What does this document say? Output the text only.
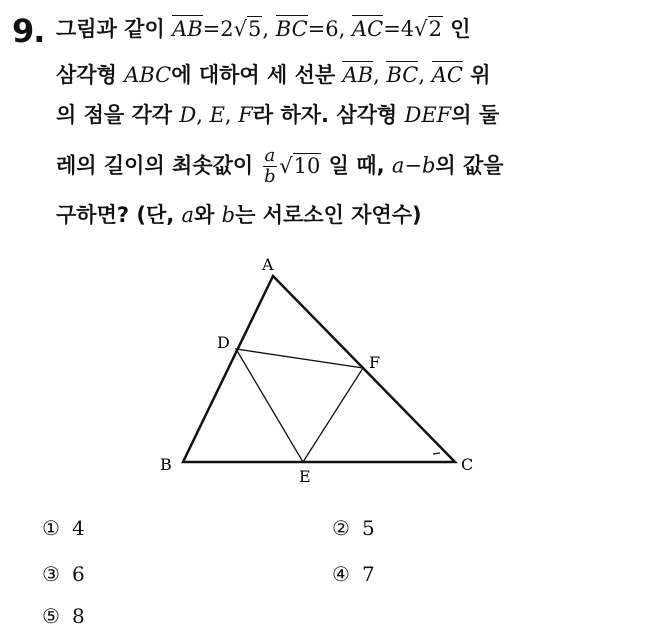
9. 그림과 같이 AB=2√5, BC=6, AC=4√2 인
삼각형 ABC에 대하여 세 선분 AB, BC, AC 위
의 점을 각각 D, E, F라 하자. 삼각형 DEF의 둘
레의 길이의 최솟값이 $\frac{a}{b} √10$ 일 때, a−b의 값을
구하면? (단, a와 b는 서로소인 자연수)
A
B	C
D
E
F
① 4	② 5
③ 6	④ 7
⑤ 8
